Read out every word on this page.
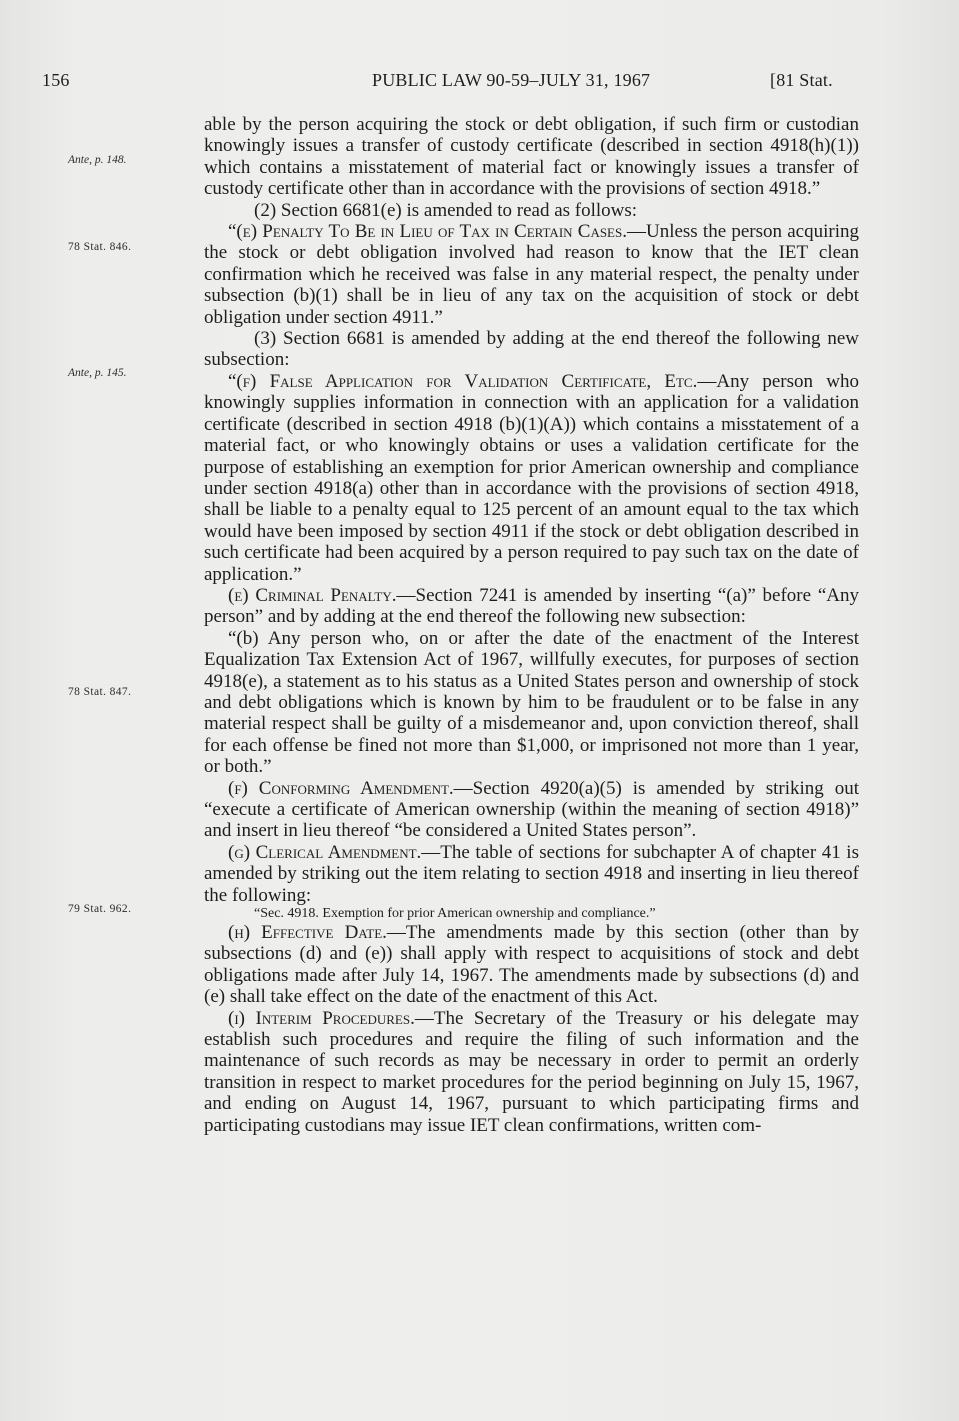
156	PUBLIC LAW 90-59–JULY 31, 1967	[81 Stat.
Ante, p. 148.
78 Stat. 846.
Ante, p. 145.
78 Stat. 847.
79 Stat. 962.

able by the person acquiring the stock or debt obligation, if such firm or custodian knowingly issues a transfer of custody certificate (described in section 4918(h)(1)) which contains a misstatement of material fact or knowingly issues a transfer of custody certificate other than in accordance with the provisions of section 4918.”

(2) Section 6681(e) is amended to read as follows:

“(e) Penalty To Be in Lieu of Tax in Certain Cases.—Unless the person acquiring the stock or debt obligation involved had reason to know that the IET clean confirmation which he received was false in any material respect, the penalty under subsection (b)(1) shall be in lieu of any tax on the acquisition of stock or debt obligation under section 4911.”

(3) Section 6681 is amended by adding at the end thereof the following new subsection:

“(f) False Application for Validation Certificate, Etc.—Any person who knowingly supplies information in connection with an application for a validation certificate (described in section 4918 (b)(1)(A)) which contains a misstatement of a material fact, or who knowingly obtains or uses a validation certificate for the purpose of establishing an exemption for prior American ownership and compliance under section 4918(a) other than in accordance with the provisions of section 4918, shall be liable to a penalty equal to 125 percent of an amount equal to the tax which would have been imposed by section 4911 if the stock or debt obligation described in such certificate had been acquired by a person required to pay such tax on the date of application.”

(e) Criminal Penalty.—Section 7241 is amended by inserting “(a)” before “Any person” and by adding at the end thereof the following new subsection:

“(b) Any person who, on or after the date of the enactment of the Interest Equalization Tax Extension Act of 1967, willfully executes, for purposes of section 4918(e), a statement as to his status as a United States person and ownership of stock and debt obligations which is known by him to be fraudulent or to be false in any material respect shall be guilty of a misdemeanor and, upon conviction thereof, shall for each offense be fined not more than $1,000, or imprisoned not more than 1 year, or both.”

(f) Conforming Amendment.—Section 4920(a)(5) is amended by striking out “execute a certificate of American ownership (within the meaning of section 4918)” and insert in lieu thereof “be considered a United States person”.

(g) Clerical Amendment.—The table of sections for subchapter A of chapter 41 is amended by striking out the item relating to section 4918 and inserting in lieu thereof the following:

“Sec. 4918. Exemption for prior American ownership and compliance.”

(h) Effective Date.—The amendments made by this section (other than by subsections (d) and (e)) shall apply with respect to acquisitions of stock and debt obligations made after July 14, 1967. The amendments made by subsections (d) and (e) shall take effect on the date of the enactment of this Act.

(i) Interim Procedures.—The Secretary of the Treasury or his delegate may establish such procedures and require the filing of such information and the maintenance of such records as may be necessary in order to permit an orderly transition in respect to market procedures for the period beginning on July 15, 1967, and ending on August 14, 1967, pursuant to which participating firms and participating custodians may issue IET clean confirmations, written com-
